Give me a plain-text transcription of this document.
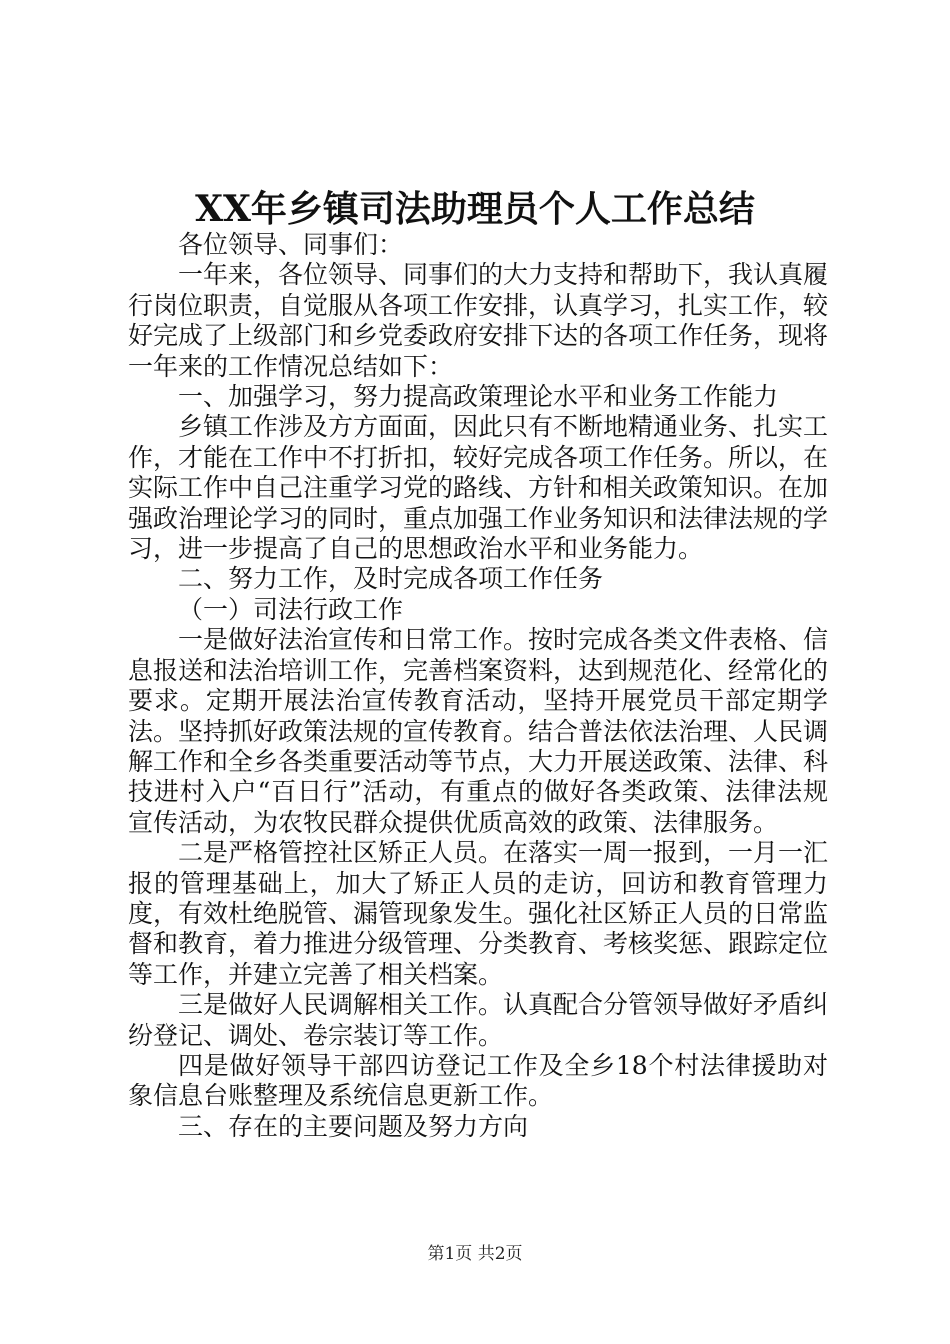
XX年乡镇司法助理员个人工作总结

各位领导、同事们：

一年来，各位领导、同事们的大力支持和帮助下，我认真履行岗位职责，自觉服从各项工作安排，认真学习，扎实工作，较好完成了上级部门和乡党委政府安排下达的各项工作任务，现将一年来的工作情况总结如下：

一、加强学习，努力提高政策理论水平和业务工作能力

乡镇工作涉及方方面面，因此只有不断地精通业务、扎实工作，才能在工作中不打折扣，较好完成各项工作任务。所以，在实际工作中自己注重学习党的路线、方针和相关政策知识。在加强政治理论学习的同时，重点加强工作业务知识和法律法规的学习，进一步提高了自己的思想政治水平和业务能力。

二、努力工作，及时完成各项工作任务

（一）司法行政工作

一是做好法治宣传和日常工作。按时完成各类文件表格、信息报送和法治培训工作，完善档案资料，达到规范化、经常化的要求。定期开展法治宣传教育活动，坚持开展党员干部定期学法。坚持抓好政策法规的宣传教育。结合普法依法治理、人民调解工作和全乡各类重要活动等节点，大力开展送政策、法律、科技进村入户“百日行”活动，有重点的做好各类政策、法律法规宣传活动，为农牧民群众提供优质高效的政策、法律服务。

二是严格管控社区矫正人员。在落实一周一报到，一月一汇报的管理基础上，加大了矫正人员的走访，回访和教育管理力度，有效杜绝脱管、漏管现象发生。强化社区矫正人员的日常监督和教育，着力推进分级管理、分类教育、考核奖惩、跟踪定位等工作，并建立完善了相关档案。

三是做好人民调解相关工作。认真配合分管领导做好矛盾纠纷登记、调处、卷宗装订等工作。

四是做好领导干部四访登记工作及全乡18个村法律援助对象信息台账整理及系统信息更新工作。

三、存在的主要问题及努力方向

第1页 共2页
